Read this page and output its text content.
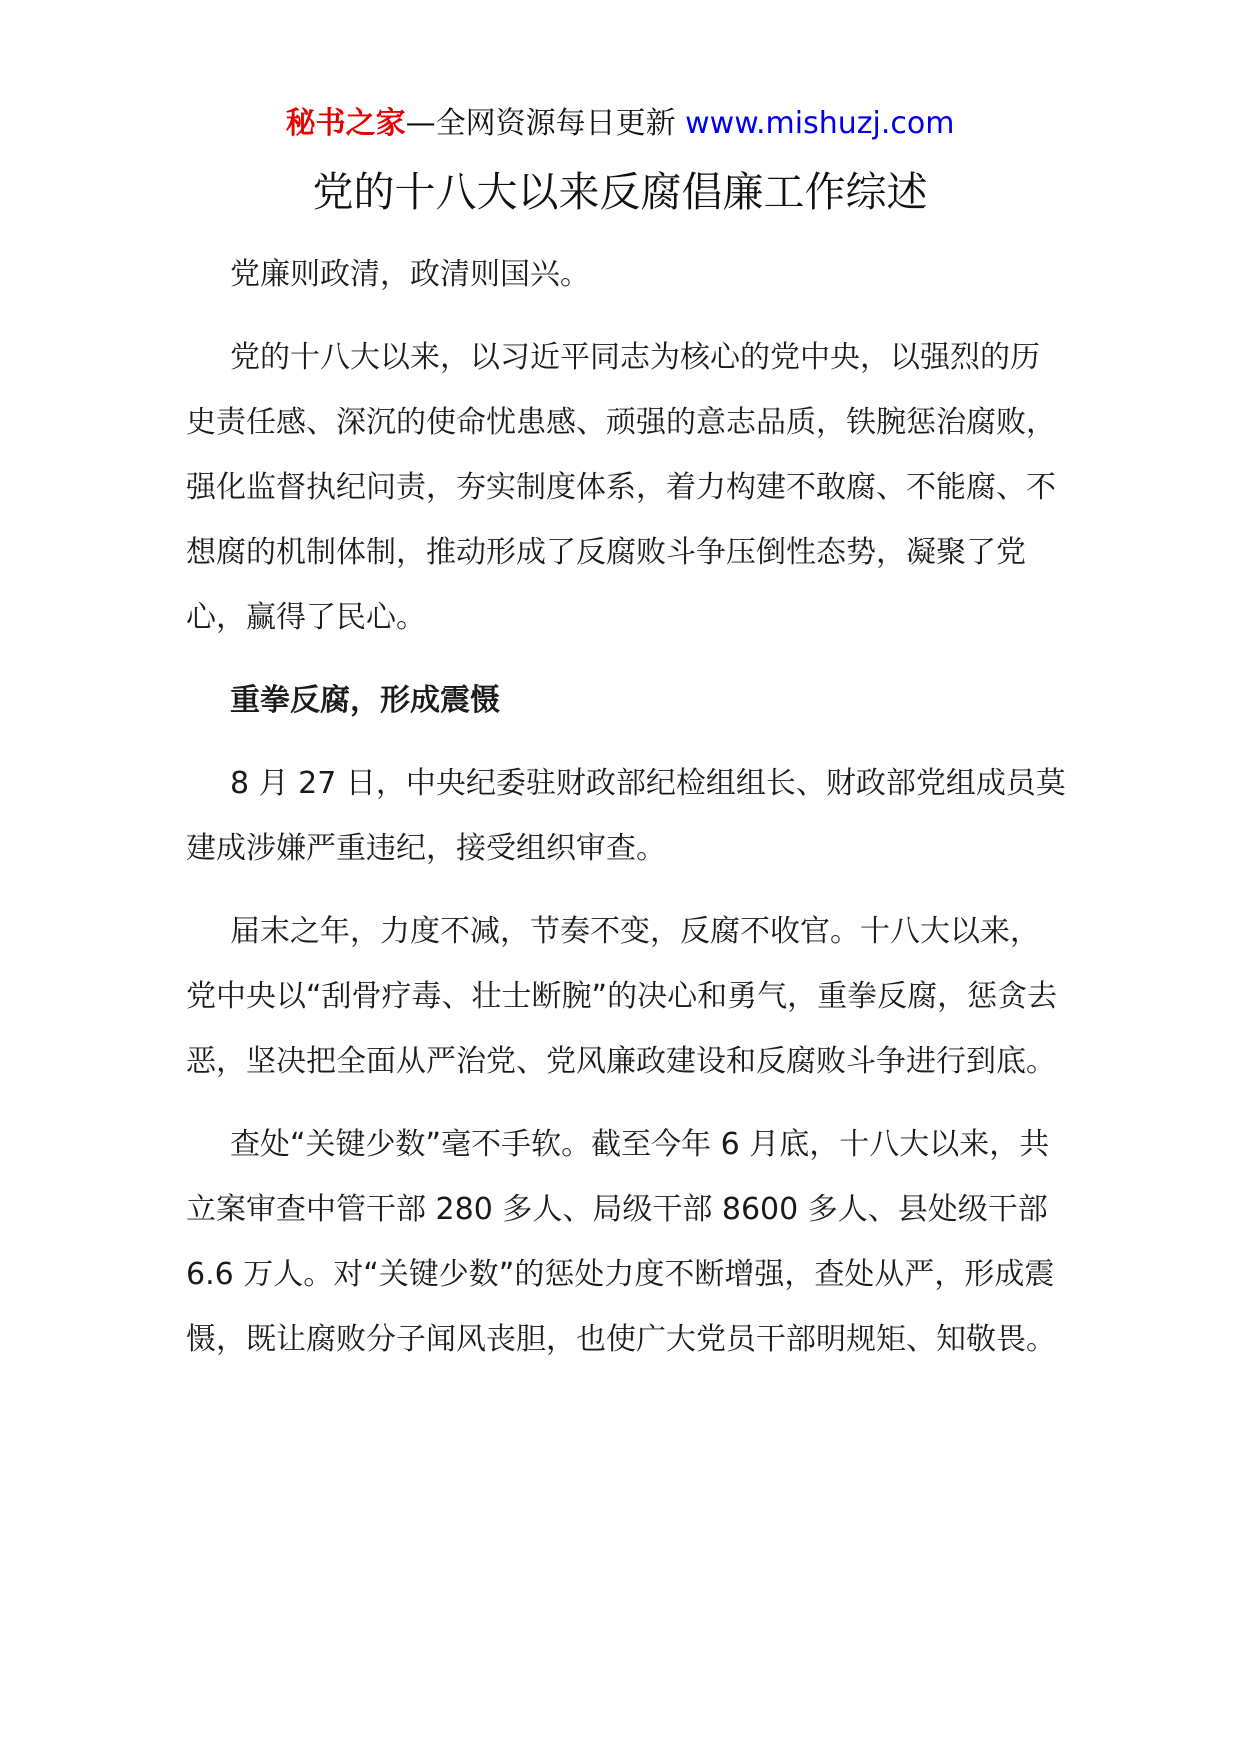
秘书之家—全网资源每日更新 www.mishuzj.com
党的十八大以来反腐倡廉工作综述

党廉则政清，政清则国兴。

党的十八大以来，以习近平同志为核心的党中央，以强烈的历史责任感、深沉的使命忧患感、顽强的意志品质，铁腕惩治腐败，强化监督执纪问责，夯实制度体系，着力构建不敢腐、不能腐、不想腐的机制体制，推动形成了反腐败斗争压倒性态势，凝聚了党心，赢得了民心。

重拳反腐，形成震慑

8 月 27 日，中央纪委驻财政部纪检组组长、财政部党组成员莫建成涉嫌严重违纪，接受组织审查。

届末之年，力度不减，节奏不变，反腐不收官。十八大以来，党中央以“刮骨疗毒、壮士断腕”的决心和勇气，重拳反腐，惩贪去恶，坚决把全面从严治党、党风廉政建设和反腐败斗争进行到底。

查处“关键少数”毫不手软。截至今年 6 月底，十八大以来，共立案审查中管干部 280 多人、局级干部 8600 多人、县处级干部 6.6 万人。对“关键少数”的惩处力度不断增强，查处从严，形成震慑，既让腐败分子闻风丧胆，也使广大党员干部明规矩、知敬畏。
